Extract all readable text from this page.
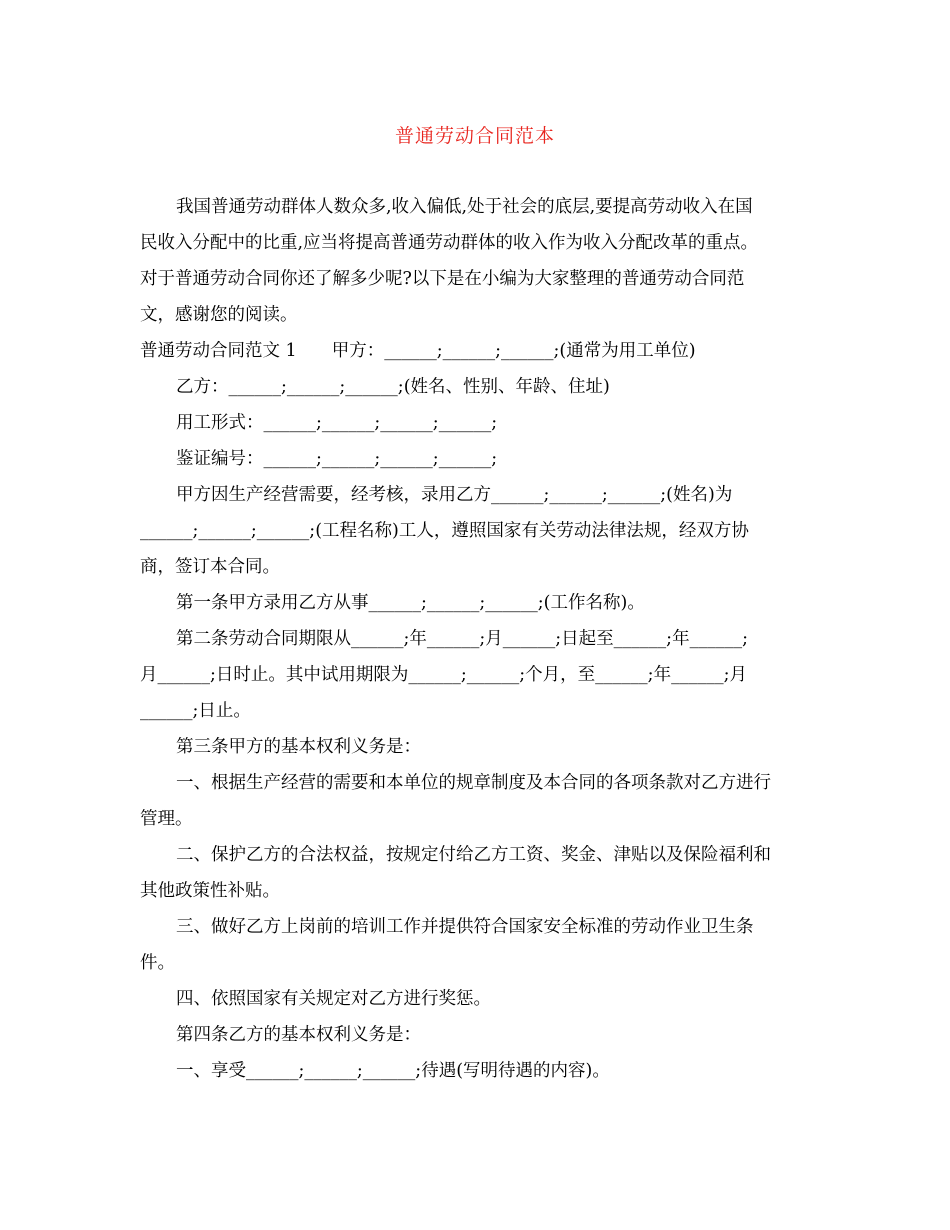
普通劳动合同范本
我国普通劳动群体人数众多,收入偏低,处于社会的底层,要提高劳动收入在国
民收入分配中的比重,应当将提高普通劳动群体的收入作为收入分配改革的重点。
对于普通劳动合同你还了解多少呢?以下是在小编为大家整理的普通劳动合同范
文，感谢您的阅读。
普通劳动合同范文 1　　甲方：______;______;______;(通常为用工单位)
乙方：______;______;______;(姓名、性别、年龄、住址)
用工形式：______;______;______;______;
鉴证编号：______;______;______;______;
甲方因生产经营需要，经考核，录用乙方______;______;______;(姓名)为
______;______;______;(工程名称)工人，遵照国家有关劳动法律法规，经双方协
商，签订本合同。
第一条甲方录用乙方从事______;______;______;(工作名称)。
第二条劳动合同期限从______;年______;月______;日起至______;年______;
月______;日时止。其中试用期限为______;______;个月，至______;年______;月
______;日止。
第三条甲方的基本权利义务是：
一、根据生产经营的需要和本单位的规章制度及本合同的各项条款对乙方进行
管理。
二、保护乙方的合法权益，按规定付给乙方工资、奖金、津贴以及保险福利和
其他政策性补贴。
三、做好乙方上岗前的培训工作并提供符合国家安全标准的劳动作业卫生条
件。
四、依照国家有关规定对乙方进行奖惩。
第四条乙方的基本权利义务是：
一、享受______;______;______;待遇(写明待遇的内容)。
